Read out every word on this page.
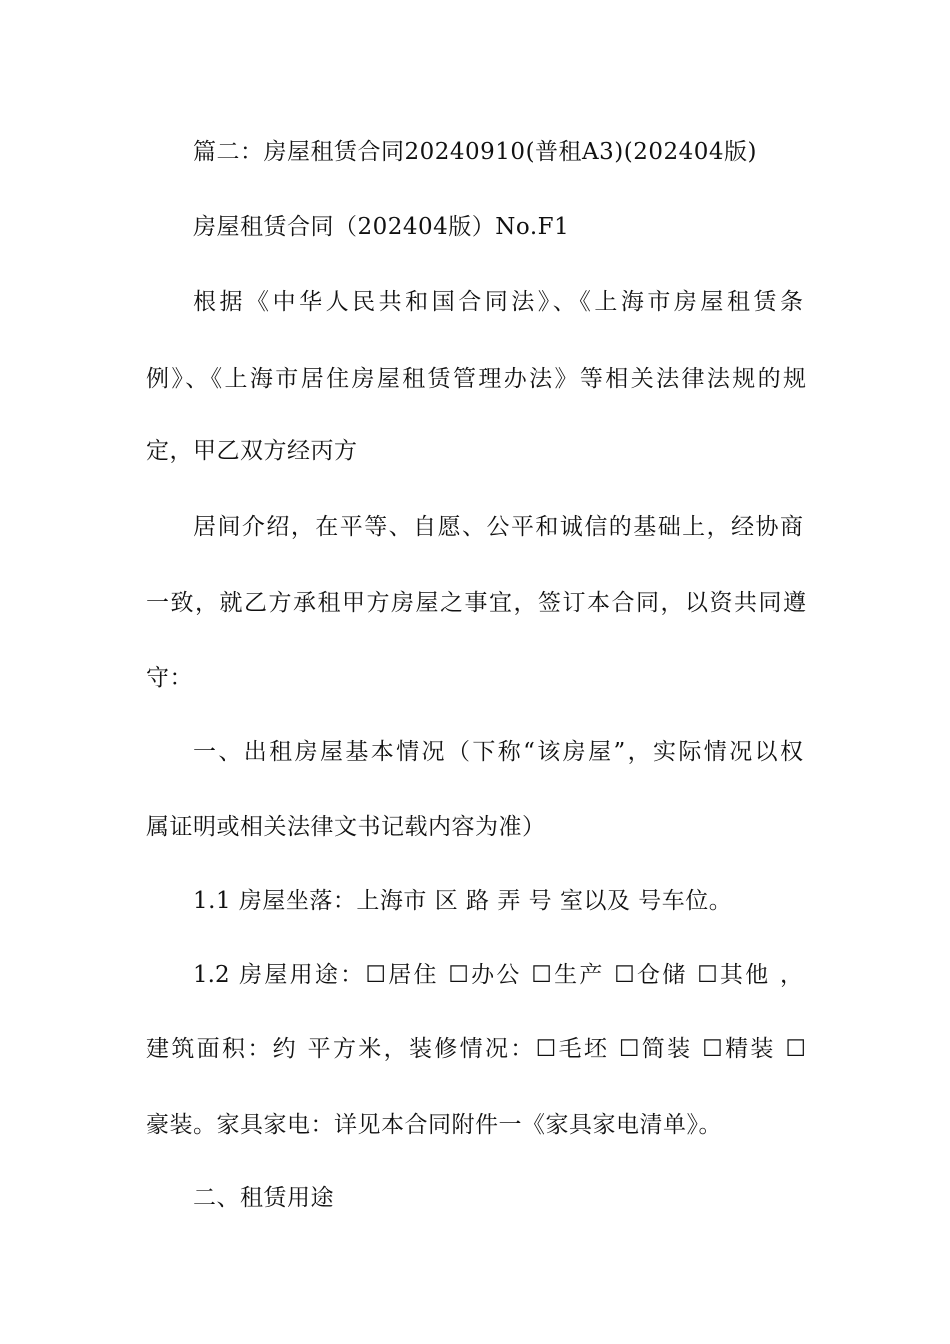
篇二：房屋租赁合同20240910(普租A3)(202404版)
房屋租赁合同（202404版）No.F1
根据《中华人民共和国合同法》、《上海市房屋租赁条
例》、《上海市居住房屋租赁管理办法》等相关法律法规的规
定，甲乙双方经丙方
居间介绍，在平等、自愿、公平和诚信的基础上，经协商
一致，就乙方承租甲方房屋之事宜，签订本合同，以资共同遵
守：
一、出租房屋基本情况（下称“该房屋”，实际情况以权
属证明或相关法律文书记载内容为准）
1.1 房屋坐落：上海市 区 路 弄 号 室以及 号车位。
1.2 房屋用途：☐居住 ☐办公 ☐生产 ☐仓储 ☐其他 ，
建筑面积：约 平方米，装修情况：☐毛坯 ☐简装 ☐精装 ☐
豪装。家具家电：详见本合同附件一《家具家电清单》。
二、租赁用途
